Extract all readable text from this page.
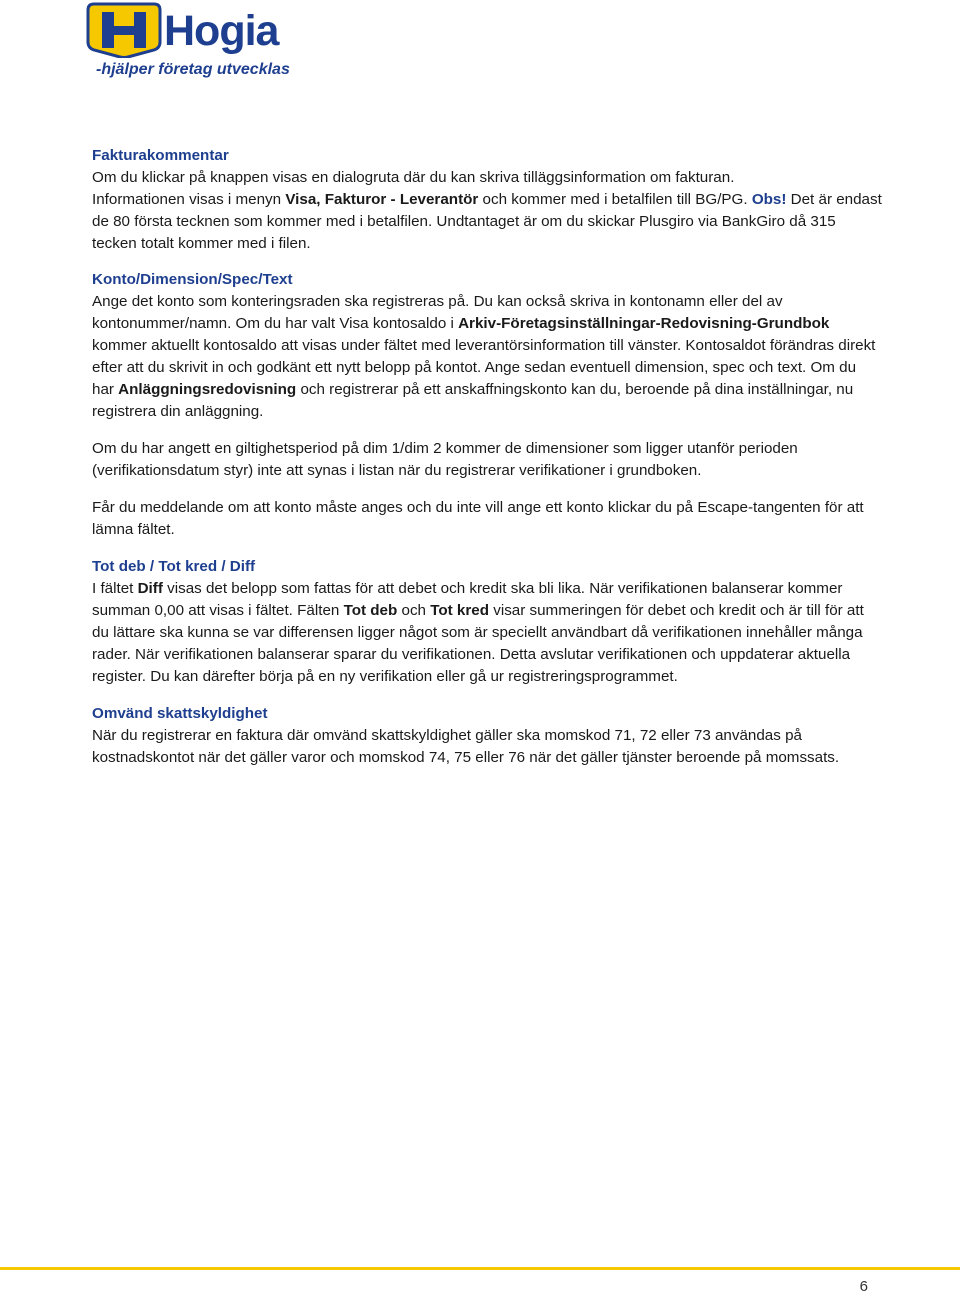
Hogia
-hjälper företag utvecklas

Fakturakommentar

Om du klickar på knappen visas en dialogruta där du kan skriva tilläggsinformation om fakturan.

Informationen visas i menyn Visa, Fakturor - Leverantör och kommer med i betalfilen till BG/PG. Obs! Det är endast de 80 första tecknen som kommer med i betalfilen. Undtantaget är om du skickar Plusgiro via BankGiro då 315 tecken totalt kommer med i filen.

Konto/Dimension/Spec/Text

Ange det konto som konteringsraden ska registreras på. Du kan också skriva in kontonamn eller del av kontonummer/namn. Om du har valt Visa kontosaldo i Arkiv-Företagsinställningar-Redovisning-Grundbok kommer aktuellt kontosaldo att visas under fältet med leverantörsinformation till vänster. Kontosaldot förändras direkt efter att du skrivit in och godkänt ett nytt belopp på kontot. Ange sedan eventuell dimension, spec och text. Om du har Anläggningsredovisning och registrerar på ett anskaffningskonto kan du, beroende på dina inställningar, nu registrera din anläggning.

Om du har angett en giltighetsperiod på dim 1/dim 2 kommer de dimensioner som ligger utanför perioden (verifikationsdatum styr) inte att synas i listan när du registrerar verifikationer i grundboken.

Får du meddelande om att konto måste anges och du inte vill ange ett konto klickar du på Escape-tangenten för att lämna fältet.

Tot deb / Tot kred / Diff

I fältet Diff visas det belopp som fattas för att debet och kredit ska bli lika. När verifikationen balanserar kommer summan 0,00 att visas i fältet. Fälten Tot deb och Tot kred visar summeringen för debet och kredit och är till för att du lättare ska kunna se var differensen ligger något som är speciellt användbart då verifikationen innehåller många rader. När verifikationen balanserar sparar du verifikationen. Detta avslutar verifikationen och uppdaterar aktuella register. Du kan därefter börja på en ny verifikation eller gå ur registreringsprogrammet.

Omvänd skattskyldighet

När du registrerar en faktura där omvänd skattskyldighet gäller ska momskod 71, 72 eller 73 användas på kostnadskontot när det gäller varor och momskod 74, 75 eller 76 när det gäller tjänster beroende på momssats.

6
